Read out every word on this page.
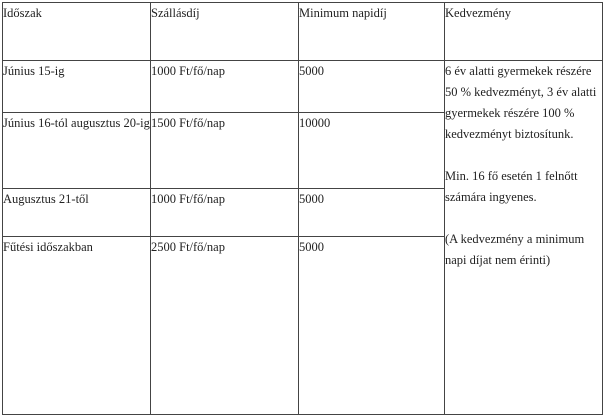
Időszak	Szállásdíj	Minimum napidíj	Kedvezmény
Június 15-ig	1000 Ft/fő/nap	5000	6 év alatti gyermekek részére 50 % kedvezményt, 3 év alatti gyermekek részére 100 % kedvezményt biztosítunk.
Min. 16 fő esetén 1 felnőtt számára ingyenes.
(A kedvezmény a minimum napi díjat nem érinti)

Június 16-tól augusztus 20-ig	1500 Ft/fő/nap	10000	
Augusztus 21-től	1000 Ft/fő/nap	5000	
Fűtési időszakban	2500 Ft/fő/nap	5000	
